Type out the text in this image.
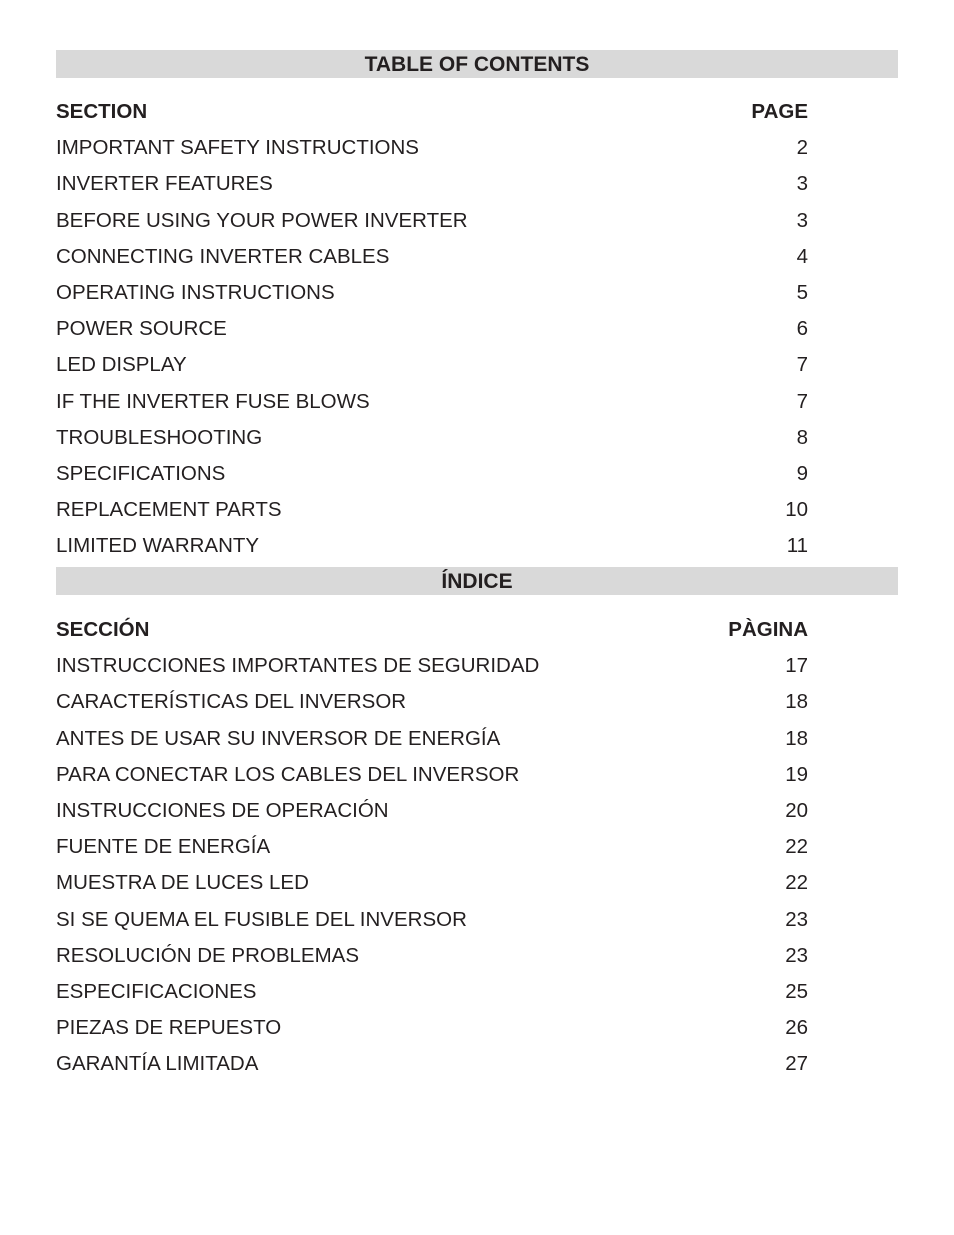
TABLE OF CONTENTS
SECTION	PAGE
IMPORTANT SAFETY INSTRUCTIONS	2
INVERTER FEATURES	3
BEFORE USING YOUR POWER INVERTER	3
CONNECTING INVERTER CABLES	4
OPERATING INSTRUCTIONS	5
POWER SOURCE	6
LED DISPLAY	7
IF THE INVERTER FUSE BLOWS	7
TROUBLESHOOTING	8
SPECIFICATIONS	9
REPLACEMENT PARTS	10
LIMITED WARRANTY	11
ÍNDICE
SECCIÓN	PÀGINA
INSTRUCCIONES IMPORTANTES DE SEGURIDAD	17
CARACTERÍSTICAS DEL INVERSOR	18
ANTES DE USAR SU INVERSOR DE ENERGÍA	18
PARA CONECTAR LOS CABLES DEL INVERSOR	19
INSTRUCCIONES DE OPERACIÓN	20
FUENTE DE ENERGÍA	22
MUESTRA DE LUCES LED	22
SI SE QUEMA EL FUSIBLE DEL INVERSOR	23
RESOLUCIÓN DE PROBLEMAS	23
ESPECIFICACIONES	25
PIEZAS DE REPUESTO	26
GARANTÍA LIMITADA	27
